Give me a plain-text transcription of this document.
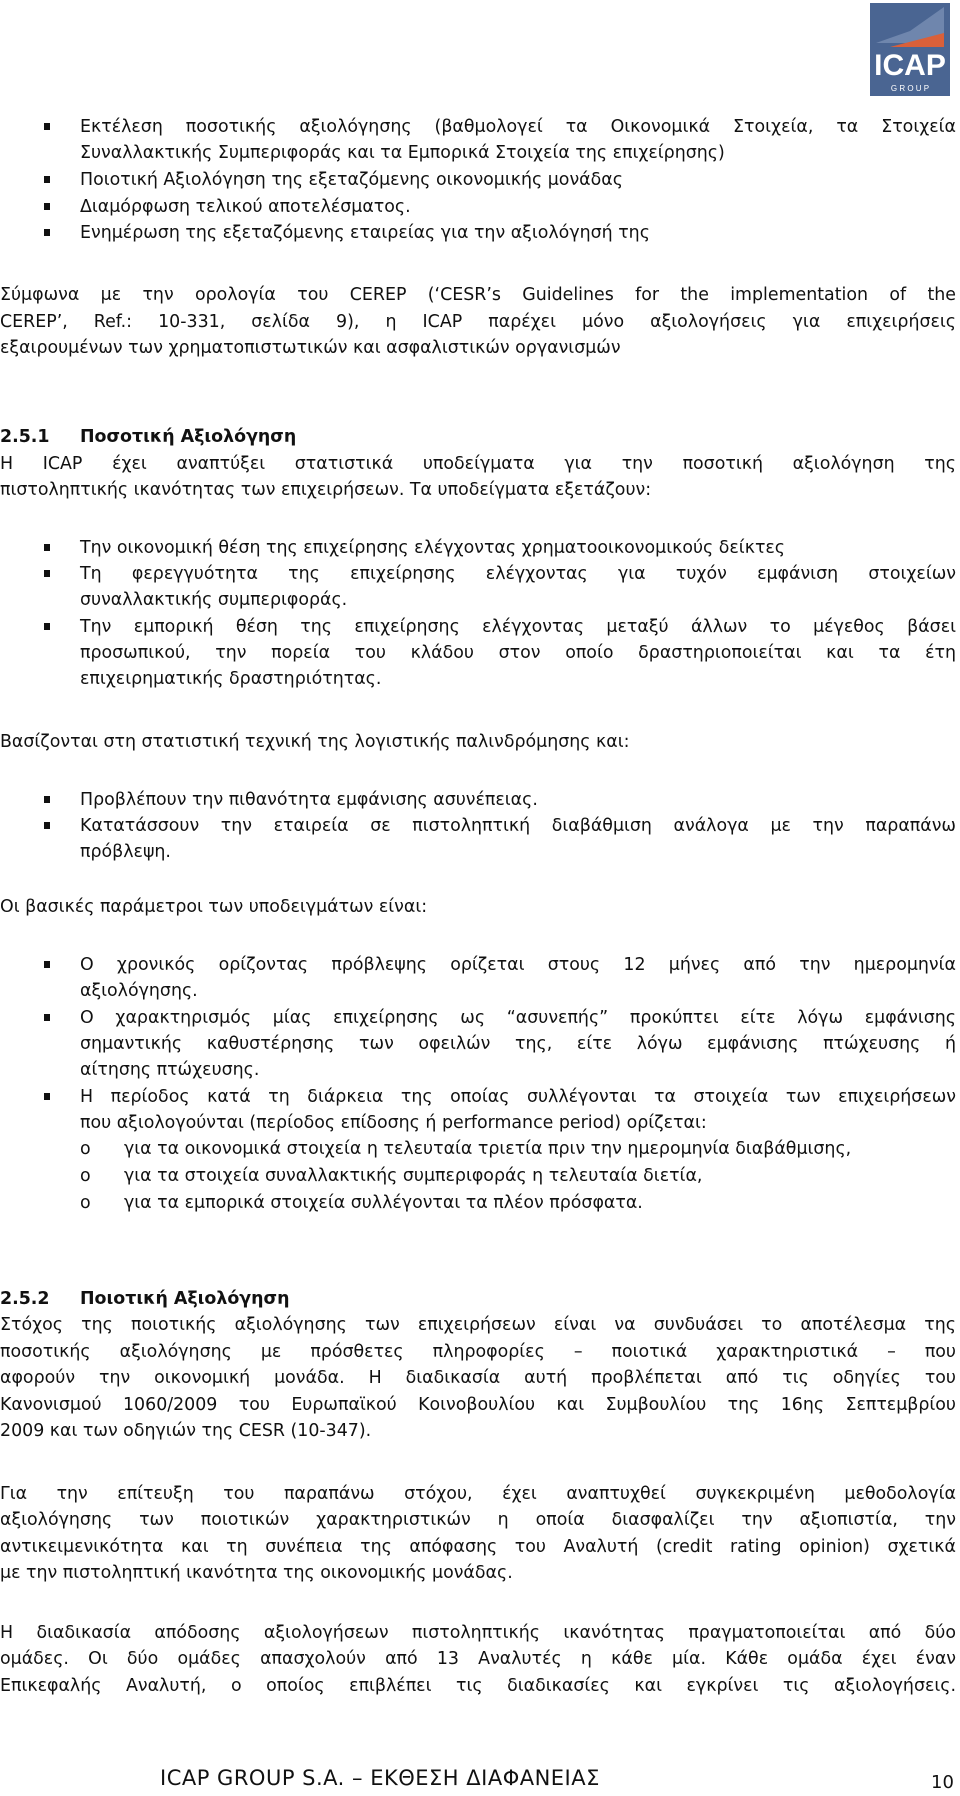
ICAP
G R O U P
Εκτέλεση ποσοτικής αξιολόγησης (βαθμολογεί τα Οικονομικά Στοιχεία, τα Στοιχεία
Συναλλακτικής Συμπεριφοράς και τα Εμπορικά Στοιχεία της επιχείρησης)
Ποιοτική Αξιολόγηση της εξεταζόμενης οικονομικής μονάδας
Διαμόρφωση τελικού αποτελέσματος.
Ενημέρωση της εξεταζόμενης εταιρείας για την αξιολόγησή της
Σύμφωνα με την ορολογία του CEREP (‘CESR’s Guidelines for the implementation of the
CEREP’, Ref.: 10-331, σελίδα 9), η ICAP παρέχει μόνο αξιολογήσεις για επιχειρήσεις
εξαιρουμένων των χρηματοπιστωτικών και ασφαλιστικών οργανισμών
2.5.1	Ποσοτική Αξιολόγηση
Η ICAP έχει αναπτύξει στατιστικά υποδείγματα για την ποσοτική αξιολόγηση της
πιστοληπτικής ικανότητας των επιχειρήσεων. Τα υποδείγματα εξετάζουν:
Την οικονομική θέση της επιχείρησης ελέγχοντας χρηματοοικονομικούς δείκτες
Τη φερεγγυότητα της επιχείρησης ελέγχοντας για τυχόν εμφάνιση στοιχείων
συναλλακτικής συμπεριφοράς.
Την εμπορική θέση της επιχείρησης ελέγχοντας μεταξύ άλλων το μέγεθος βάσει
προσωπικού, την πορεία του κλάδου στον οποίο δραστηριοποιείται και τα έτη
επιχειρηματικής δραστηριότητας.
Βασίζονται στη στατιστική τεχνική της λογιστικής παλινδρόμησης και:
Προβλέπουν την πιθανότητα εμφάνισης ασυνέπειας.
Κατατάσσουν την εταιρεία σε πιστοληπτική διαβάθμιση ανάλογα με την παραπάνω
πρόβλεψη.
Οι βασικές παράμετροι των υποδειγμάτων είναι:
Ο χρονικός ορίζοντας πρόβλεψης ορίζεται στους 12 μήνες από την ημερομηνία
αξιολόγησης.
Ο χαρακτηρισμός μίας επιχείρησης ως “ασυνεπής” προκύπτει είτε λόγω εμφάνισης
σημαντικής καθυστέρησης των οφειλών της, είτε λόγω εμφάνισης πτώχευσης ή
αίτησης πτώχευσης.
Η περίοδος κατά τη διάρκεια της οποίας συλλέγονται τα στοιχεία των επιχειρήσεων
που αξιολογούνται (περίοδος επίδοσης ή performance period) ορίζεται:
o για τα οικονομικά στοιχεία η τελευταία τριετία πριν την ημερομηνία διαβάθμισης,
o για τα στοιχεία συναλλακτικής συμπεριφοράς η τελευταία διετία,
o για τα εμπορικά στοιχεία συλλέγονται τα πλέον πρόσφατα.
2.5.2	Ποιοτική Αξιολόγηση
Στόχος της ποιοτικής αξιολόγησης των επιχειρήσεων είναι να συνδυάσει το αποτέλεσμα της
ποσοτικής αξιολόγησης με πρόσθετες πληροφορίες – ποιοτικά χαρακτηριστικά – που
αφορούν την οικονομική μονάδα. Η διαδικασία αυτή προβλέπεται από τις οδηγίες του
Κανονισμού 1060/2009 του Ευρωπαϊκού Κοινοβουλίου και Συμβουλίου της 16ης Σεπτεμβρίου
2009 και των οδηγιών της CESR (10-347).
Για την επίτευξη του παραπάνω στόχου, έχει αναπτυχθεί συγκεκριμένη μεθοδολογία
αξιολόγησης των ποιοτικών χαρακτηριστικών η οποία διασφαλίζει την αξιοπιστία, την
αντικειμενικότητα και τη συνέπεια της απόφασης του Αναλυτή (credit rating opinion) σχετικά
με την πιστοληπτική ικανότητα της οικονομικής μονάδας.
Η διαδικασία απόδοσης αξιολογήσεων πιστοληπτικής ικανότητας πραγματοποιείται από δύο
ομάδες. Οι δύο ομάδες απασχολούν από 13 Αναλυτές η κάθε μία. Κάθε ομάδα έχει έναν
Επικεφαλής Αναλυτή, ο οποίος επιβλέπει τις διαδικασίες και εγκρίνει τις αξιολογήσεις.
ICAP GROUP S.A. – ΕΚΘΕΣΗ ΔΙΑΦΑΝΕΙΑΣ	10
